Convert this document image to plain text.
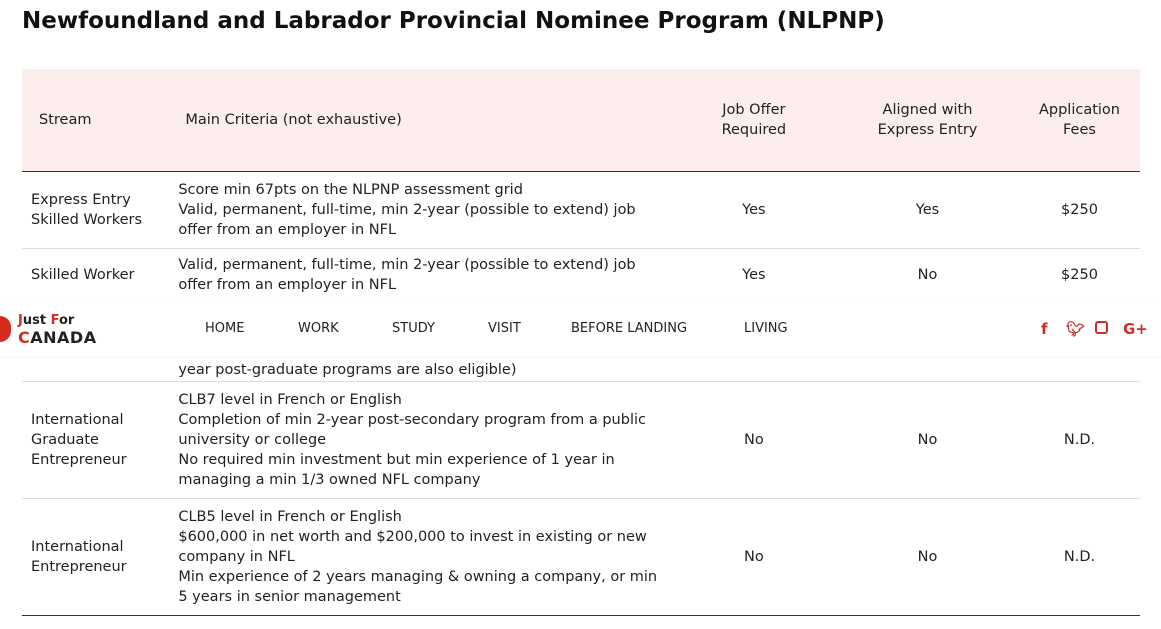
Newfoundland and Labrador Provincial Nominee Program (NLPNP)
Stream	Main Criteria (not exhaustive)	Job Offer Required	Aligned with Express Entry	Application Fees
Express Entry Skilled Workers	Score min 67pts on the NLPNP assessment grid
Valid, permanent, full-time, min 2-year (possible to extend) job offer from an employer in NFL	Yes	Yes	$250
Skilled Worker	Valid, permanent, full-time, min 2-year (possible to extend) job offer from an employer in NFL	Yes	No	$250

	year post-graduate programs are also eligible)			

International Graduate Entrepreneur	CLB7 level in French or English
Completion of min 2-year post-secondary program from a public university or college
No required min investment but min experience of 1 year in managing a min 1/3 owned NFL company	No	No	N.D.
International Entrepreneur	CLB5 level in French or English
$600,000 in net worth and $200,000 to invest in existing or new company in NFL
Min experience of 2 years managing & owning a company, or min 5 years in senior management	No	No	N.D.
Just For
CANADA	HOME	WORK	STUDY	VISIT	BEFORE LANDING	LIVING	f 🐦︎	G+
